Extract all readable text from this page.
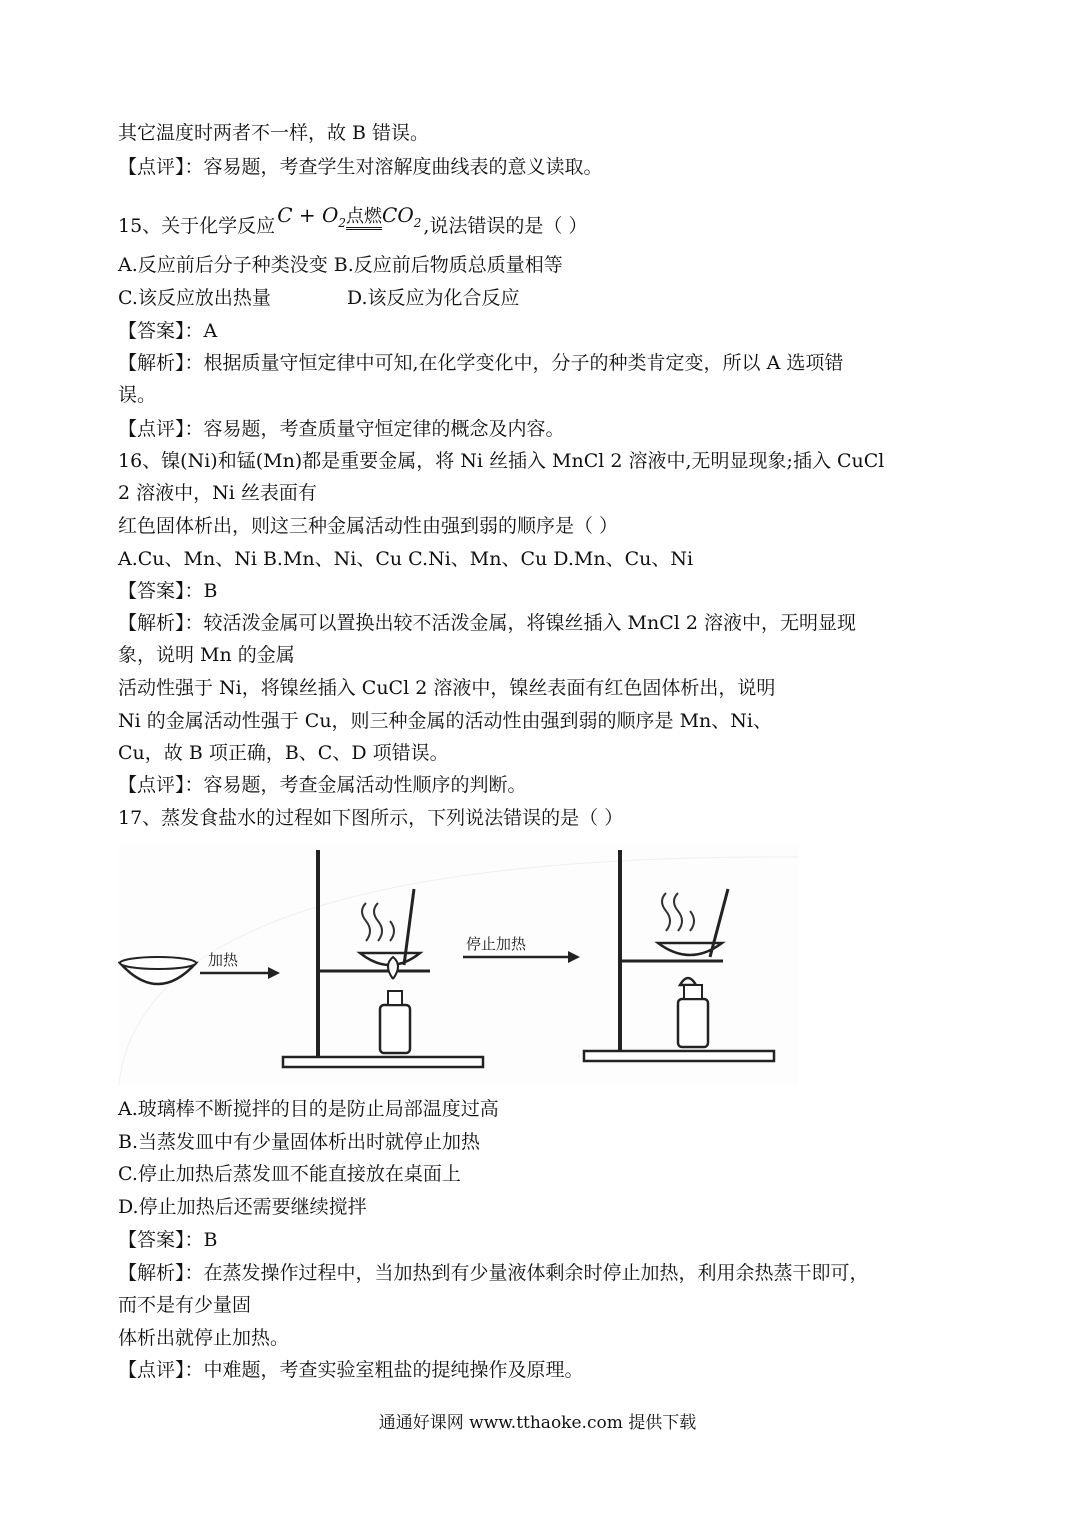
其它温度时两者不一样，故 B 错误。
【点评】：容易题，考查学生对溶解度曲线表的意义读取。
15、关于化学反应 $C + O_2$点燃$CO_2$ ,说法错误的是（ ）
A.反应前后分子种类没变 B.反应前后物质总质量相等
C.该反应放出热量　　　　D.该反应为化合反应
【答案】：A
【解析】：根据质量守恒定律中可知,在化学变化中，分子的种类肯定变，所以 A 选项错
误。
【点评】：容易题，考查质量守恒定律的概念及内容。
16、镍(Ni)和锰(Mn)都是重要金属，将 Ni 丝插入 MnCl 2 溶液中,无明显现象;插入 CuCl
2 溶液中，Ni 丝表面有
红色固体析出，则这三种金属活动性由强到弱的顺序是（ ）
A.Cu、Mn、Ni B.Mn、Ni、Cu C.Ni、Mn、Cu D.Mn、Cu、Ni
【答案】：B
【解析】：较活泼金属可以置换出较不活泼金属，将镍丝插入 MnCl 2 溶液中，无明显现
象，说明 Mn 的金属
活动性强于 Ni，将镍丝插入 CuCl 2 溶液中，镍丝表面有红色固体析出，说明
Ni 的金属活动性强于 Cu，则三种金属的活动性由强到弱的顺序是 Mn、Ni、
Cu，故 B 项正确，B、C、D 项错误。
【点评】：容易题，考查金属活动性顺序的判断。
17、蒸发食盐水的过程如下图所示，下列说法错误的是（ ）
加热
停止加热
A.玻璃棒不断搅拌的目的是防止局部温度过高
B.当蒸发皿中有少量固体析出时就停止加热
C.停止加热后蒸发皿不能直接放在桌面上
D.停止加热后还需要继续搅拌
【答案】：B
【解析】：在蒸发操作过程中，当加热到有少量液体剩余时停止加热，利用余热蒸干即可，
而不是有少量固
体析出就停止加热。
【点评】：中难题，考查实验室粗盐的提纯操作及原理。
通通好课网 www.tthaoke.com 提供下载
